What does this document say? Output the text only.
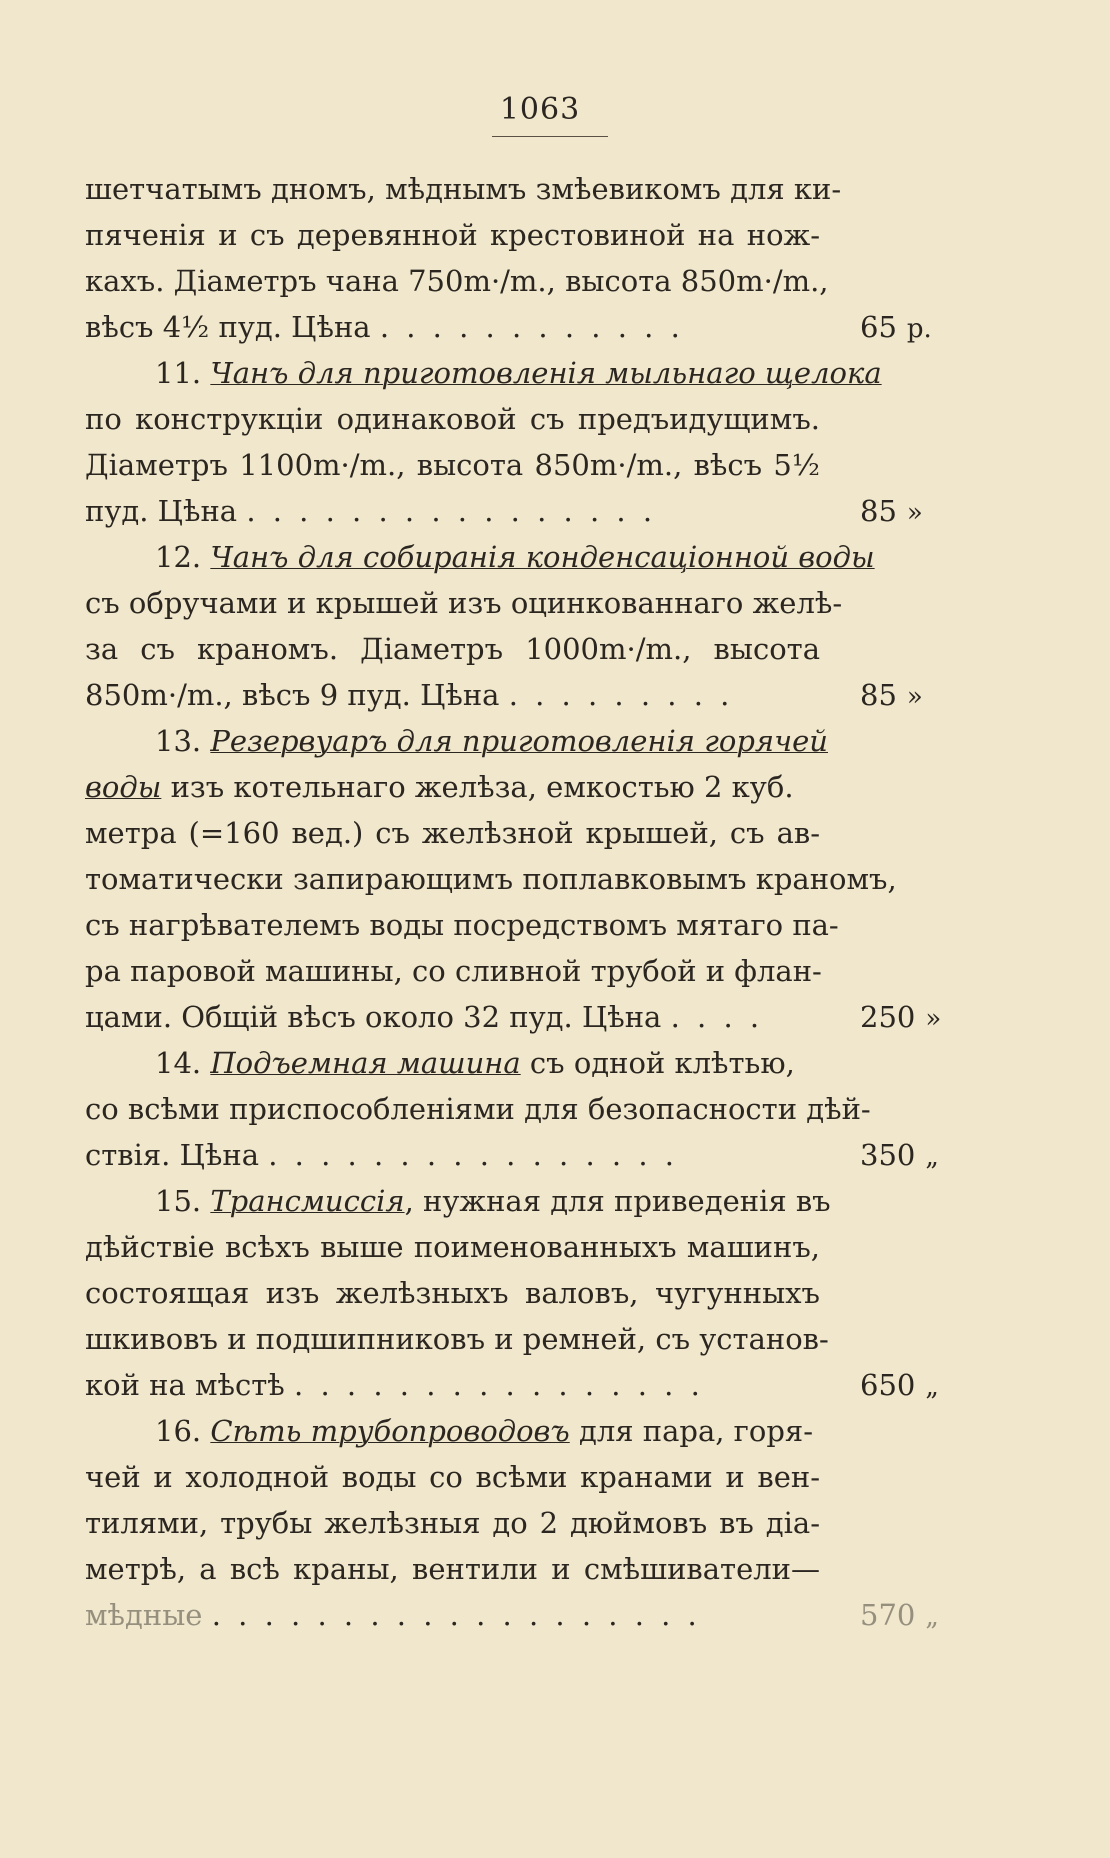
1063
шетчатымъ дномъ, мѣднымъ змѣевикомъ для ки-
пяченія и съ деревянной крестовиной на нож-
кахъ. Діаметръ чана 750m·/m., высота 850m·/m.,
вѣсъ 4½ пуд. Цѣна . . . . . . . . . . . .	65 р.
11. Чанъ для приготовленія мыльнаго щелока
по конструкціи одинаковой съ предъидущимъ.
Діаметръ 1100m·/m., высота 850m·/m., вѣсъ 5½
пуд. Цѣна . . . . . . . . . . . . . . . .	85 »
12. Чанъ для собиранія конденсаціонной воды
съ обручами и крышей изъ оцинкованнаго желѣ-
за съ краномъ. Діаметръ 1000m·/m., высота
850m·/m., вѣсъ 9 пуд. Цѣна . . . . . . . . .	85 »
13. Резервуаръ для приготовленія горячей
воды изъ котельнаго желѣза, емкостью 2 куб.
метра (=160 вед.) съ желѣзной крышей, съ ав-
томатически запирающимъ поплавковымъ краномъ,
съ нагрѣвателемъ воды посредствомъ мятаго па-
ра паровой машины, со сливной трубой и флан-
цами. Общій вѣсъ около 32 пуд. Цѣна . . . .	250 »
14. Подъемная машина съ одной клѣтью,
со всѣми приспособленіями для безопасности дѣй-
ствія. Цѣна . . . . . . . . . . . . . . . .	350 „
15. Трансмиссія, нужная для приведенія въ
дѣйствіе всѣхъ выше поименованныхъ машинъ,
состоящая изъ желѣзныхъ валовъ, чугунныхъ
шкивовъ и подшипниковъ и ремней, съ установ-
кой на мѣстѣ . . . . . . . . . . . . . . . .	650 „
16. Сѣть трубопроводовъ для пара, горя-
чей и холодной воды со всѣми кранами и вен-
тилями, трубы желѣзныя до 2 дюймовъ въ діа-
метрѣ, а всѣ краны, вентили и смѣшиватели—
мѣдные . . . . . . . . . . . . . . . . . . .	570 „
